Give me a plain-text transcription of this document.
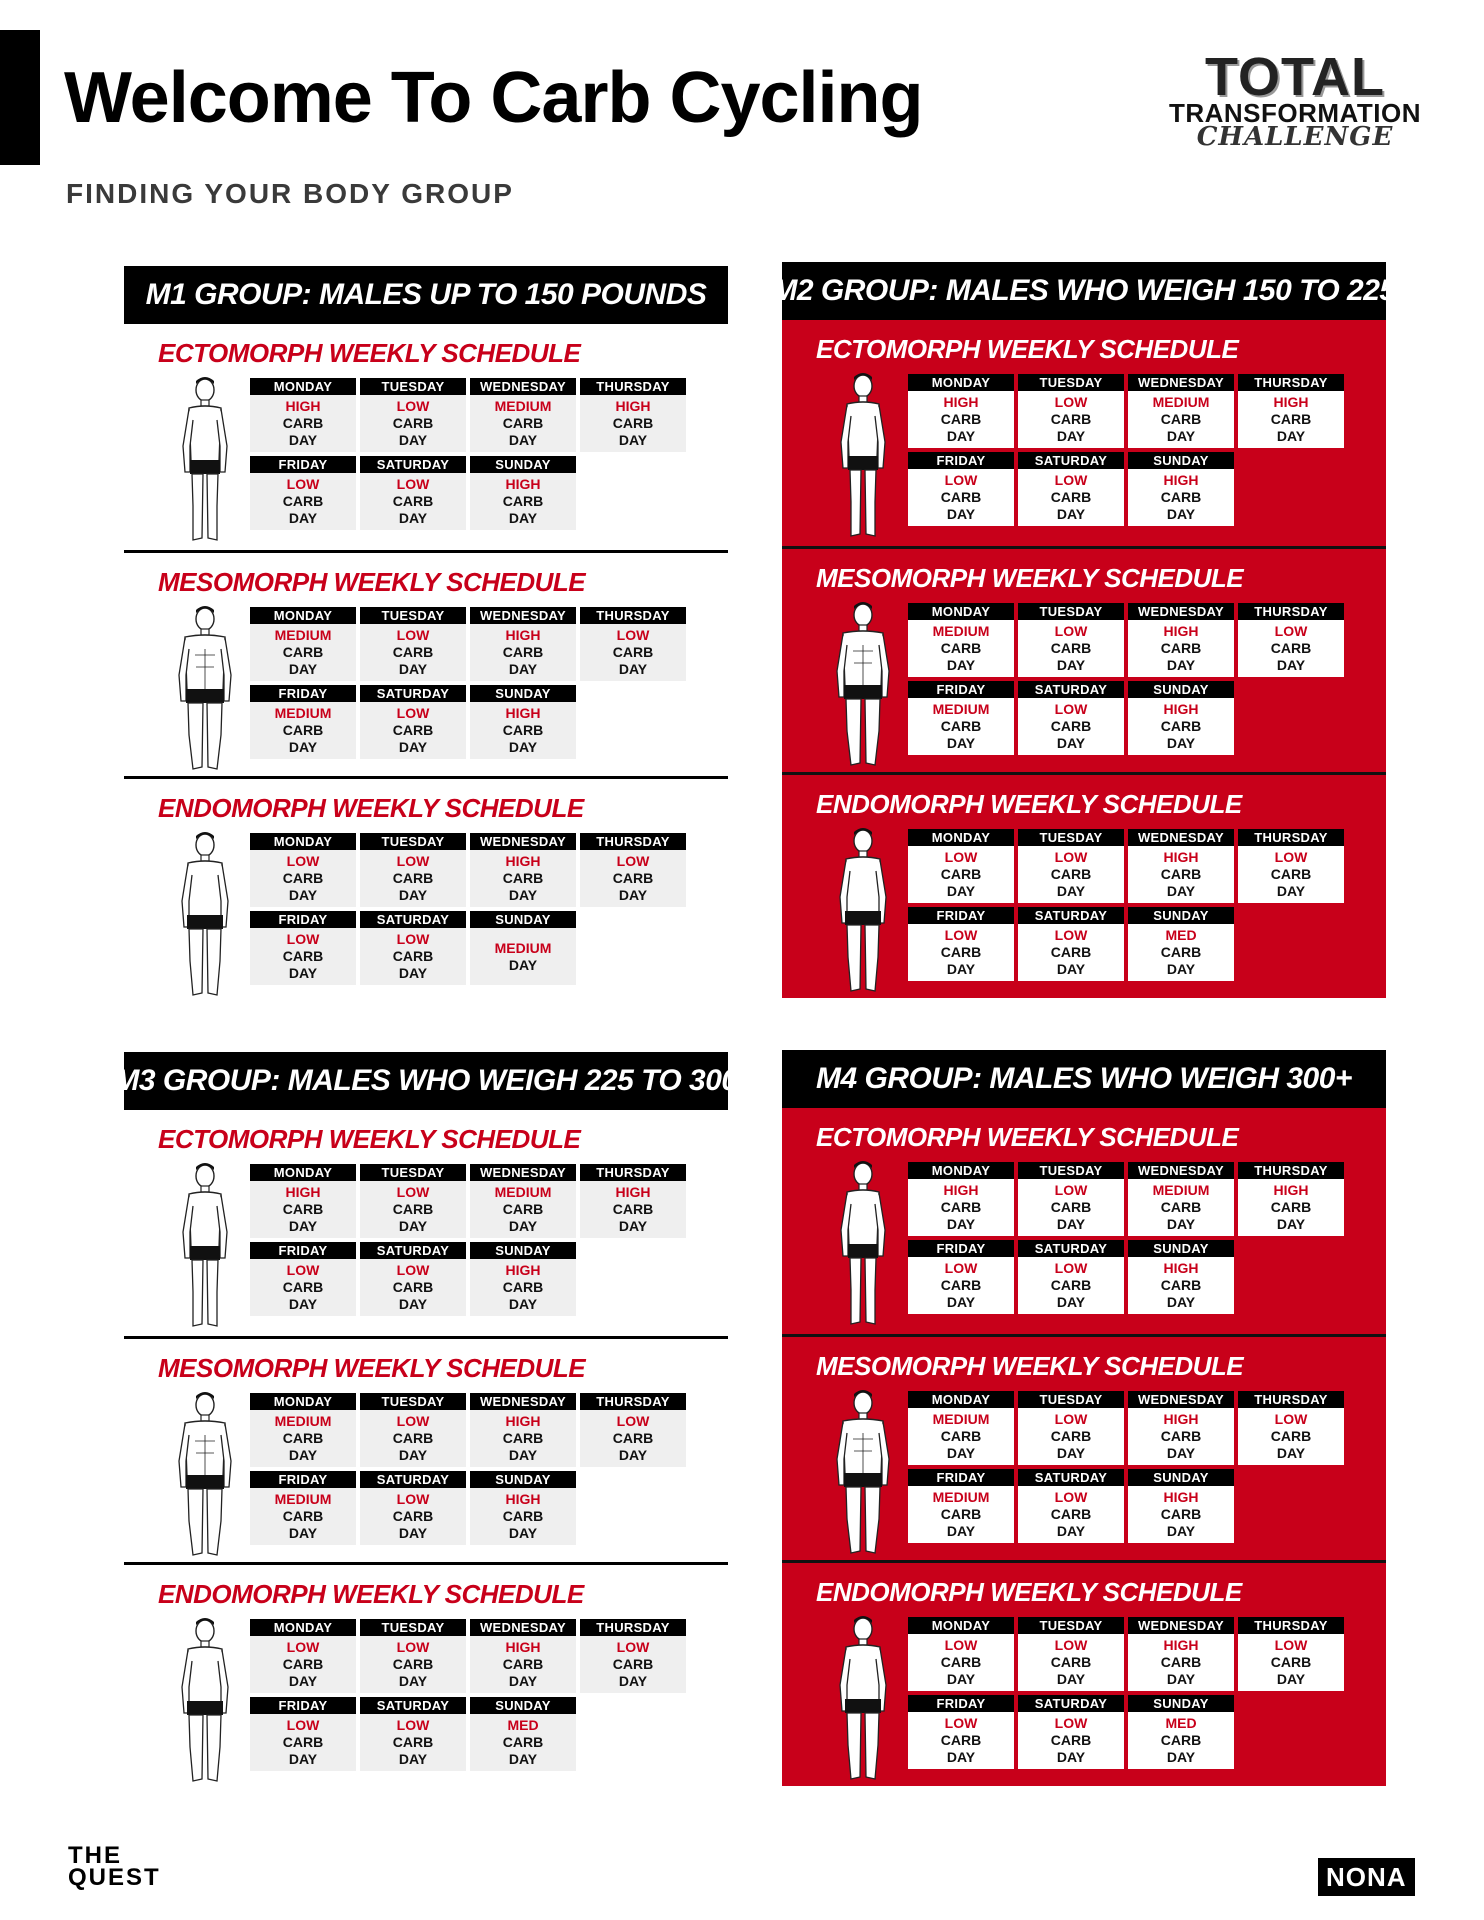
Welcome To Carb Cycling
FINDING YOUR BODY GROUP
TOTAL
TRANSFORMATION
CHALLENGE
M1 GROUP: MALES UP TO 150 POUNDS
ECTOMORPH WEEKLY SCHEDULE
MONDAY
HIGH
CARB
DAY
TUESDAY
LOW
CARB
DAY
WEDNESDAY
MEDIUM
CARB
DAY
THURSDAY
HIGH
CARB
DAY
FRIDAY
LOW
CARB
DAY
SATURDAY
LOW
CARB
DAY
SUNDAY
HIGH
CARB
DAY
MESOMORPH WEEKLY SCHEDULE
MONDAY
MEDIUM
CARB
DAY
TUESDAY
LOW
CARB
DAY
WEDNESDAY
HIGH
CARB
DAY
THURSDAY
LOW
CARB
DAY
FRIDAY
MEDIUM
CARB
DAY
SATURDAY
LOW
CARB
DAY
SUNDAY
HIGH
CARB
DAY
ENDOMORPH WEEKLY SCHEDULE
MONDAY
LOW
CARB
DAY
TUESDAY
LOW
CARB
DAY
WEDNESDAY
HIGH
CARB
DAY
THURSDAY
LOW
CARB
DAY
FRIDAY
LOW
CARB
DAY
SATURDAY
LOW
CARB
DAY
SUNDAY
MEDIUM
DAY
M2 GROUP: MALES WHO WEIGH 150 TO 225
ECTOMORPH WEEKLY SCHEDULE
MONDAY
HIGH
CARB
DAY
TUESDAY
LOW
CARB
DAY
WEDNESDAY
MEDIUM
CARB
DAY
THURSDAY
HIGH
CARB
DAY
FRIDAY
LOW
CARB
DAY
SATURDAY
LOW
CARB
DAY
SUNDAY
HIGH
CARB
DAY
MESOMORPH WEEKLY SCHEDULE
MONDAY
MEDIUM
CARB
DAY
TUESDAY
LOW
CARB
DAY
WEDNESDAY
HIGH
CARB
DAY
THURSDAY
LOW
CARB
DAY
FRIDAY
MEDIUM
CARB
DAY
SATURDAY
LOW
CARB
DAY
SUNDAY
HIGH
CARB
DAY
ENDOMORPH WEEKLY SCHEDULE
MONDAY
LOW
CARB
DAY
TUESDAY
LOW
CARB
DAY
WEDNESDAY
HIGH
CARB
DAY
THURSDAY
LOW
CARB
DAY
FRIDAY
LOW
CARB
DAY
SATURDAY
LOW
CARB
DAY
SUNDAY
MED
CARB
DAY
M3 GROUP: MALES WHO WEIGH 225 TO 300
ECTOMORPH WEEKLY SCHEDULE
MONDAY
HIGH
CARB
DAY
TUESDAY
LOW
CARB
DAY
WEDNESDAY
MEDIUM
CARB
DAY
THURSDAY
HIGH
CARB
DAY
FRIDAY
LOW
CARB
DAY
SATURDAY
LOW
CARB
DAY
SUNDAY
HIGH
CARB
DAY
MESOMORPH WEEKLY SCHEDULE
MONDAY
MEDIUM
CARB
DAY
TUESDAY
LOW
CARB
DAY
WEDNESDAY
HIGH
CARB
DAY
THURSDAY
LOW
CARB
DAY
FRIDAY
MEDIUM
CARB
DAY
SATURDAY
LOW
CARB
DAY
SUNDAY
HIGH
CARB
DAY
ENDOMORPH WEEKLY SCHEDULE
MONDAY
LOW
CARB
DAY
TUESDAY
LOW
CARB
DAY
WEDNESDAY
HIGH
CARB
DAY
THURSDAY
LOW
CARB
DAY
FRIDAY
LOW
CARB
DAY
SATURDAY
LOW
CARB
DAY
SUNDAY
MED
CARB
DAY
M4 GROUP: MALES WHO WEIGH 300+
ECTOMORPH WEEKLY SCHEDULE
MONDAY
HIGH
CARB
DAY
TUESDAY
LOW
CARB
DAY
WEDNESDAY
MEDIUM
CARB
DAY
THURSDAY
HIGH
CARB
DAY
FRIDAY
LOW
CARB
DAY
SATURDAY
LOW
CARB
DAY
SUNDAY
HIGH
CARB
DAY
MESOMORPH WEEKLY SCHEDULE
MONDAY
MEDIUM
CARB
DAY
TUESDAY
LOW
CARB
DAY
WEDNESDAY
HIGH
CARB
DAY
THURSDAY
LOW
CARB
DAY
FRIDAY
MEDIUM
CARB
DAY
SATURDAY
LOW
CARB
DAY
SUNDAY
HIGH
CARB
DAY
ENDOMORPH WEEKLY SCHEDULE
MONDAY
LOW
CARB
DAY
TUESDAY
LOW
CARB
DAY
WEDNESDAY
HIGH
CARB
DAY
THURSDAY
LOW
CARB
DAY
FRIDAY
LOW
CARB
DAY
SATURDAY
LOW
CARB
DAY
SUNDAY
MED
CARB
DAY
THE
QUEST	NONA
